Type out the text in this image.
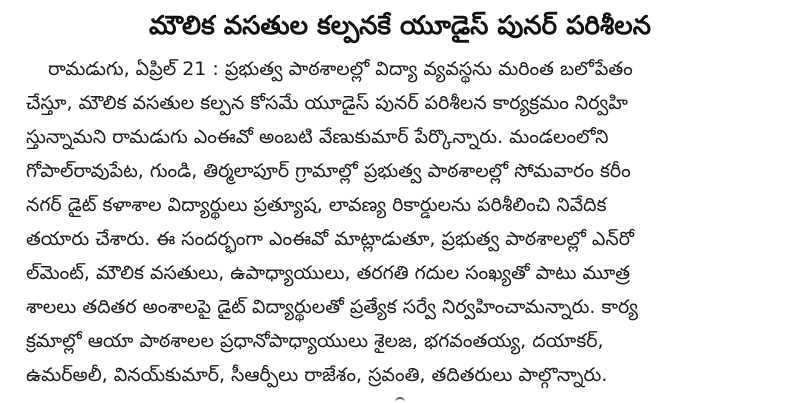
మౌలిక వసతుల కల్పనకే యూడైస్ పునర్ పరిశీలన
రామడుగు, ఏప్రిల్ 21 : ప్రభుత్వ పాఠశాలల్లో విద్యా వ్యవస్థను మరింత బలోపేతం
చేస్తూ, మౌలిక వసతుల కల్పన కోసమే యూడైస్ పునర్ పరిశీలన కార్యక్రమం నిర్వహి
స్తున్నామని రామడుగు ఎంఈవో అంబటి వేణుకుమార్ పేర్కొన్నారు. మండలంలోని
గోపాల్‌రావుపేట, గుండి, తిర్మలాపూర్ గ్రామాల్లో ప్రభుత్వ పాఠశాలల్లో సోమవారం కరీం
నగర్ డైట్ కళాశాల విద్యార్థులు ప్రత్యూష, లావణ్య రికార్డులను పరిశీలించి నివేదిక
తయారు చేశారు. ఈ సందర్భంగా ఎంఈవో మాట్లాడుతూ, ప్రభుత్వ పాఠశాలల్లో ఎన్‌రో
ల్‌మెంట్, మౌలిక వసతులు, ఉపాధ్యాయులు, తరగతి గదుల సంఖ్యతో పాటు మూత్ర
శాలలు తదితర అంశాలపై డైట్ విద్యార్థులతో ప్రత్యేక సర్వే నిర్వహించామన్నారు. కార్య
క్రమాల్లో ఆయా పాఠశాలల ప్రధానోపాధ్యాయులు శైలజ, భగవంతయ్య, దయాకర్,
ఉమర్‌అలీ, వినయ్‌కుమార్, సీఆర్పీలు రాజేశం, స్రవంతి, తదితరులు పాల్గొన్నారు.
